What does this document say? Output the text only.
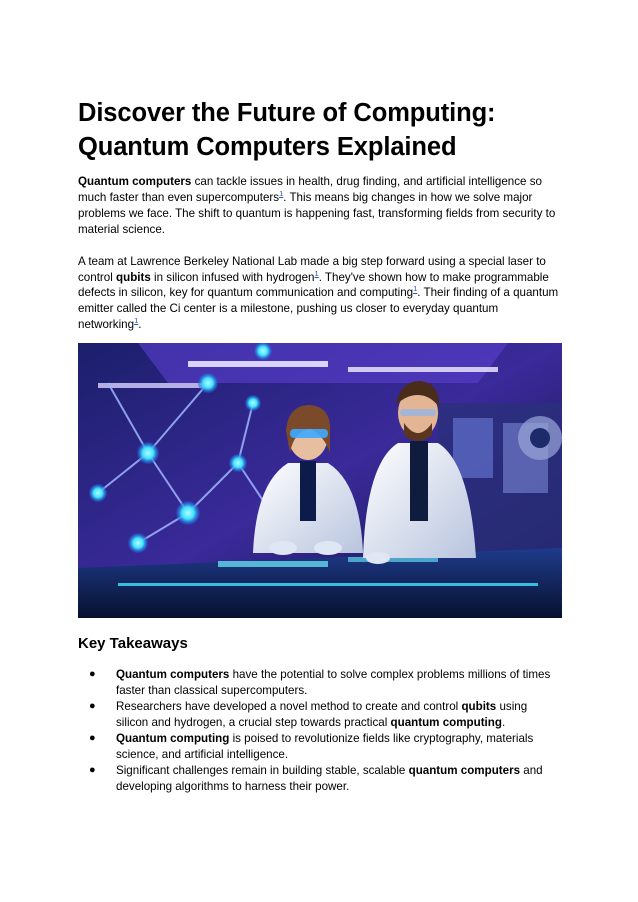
Discover the Future of Computing:
Quantum Computers Explained

Quantum computers can tackle issues in health, drug finding, and artificial intelligence so much faster than even supercomputers$^1$. This means big changes in how we solve major problems we face. The shift to quantum is happening fast, transforming fields from security to material science.

A team at Lawrence Berkeley National Lab made a big step forward using a special laser to control qubits in silicon infused with hydrogen$^1$. They've shown how to make programmable defects in silicon, key for quantum communication and computing$^1$. Their finding of a quantum emitter called the Ci center is a milestone, pushing us closer to everyday quantum networking$^1$.

Key Takeaways
● Quantum computers have the potential to solve complex problems millions of times faster than classical supercomputers.
● Researchers have developed a novel method to create and control qubits using silicon and hydrogen, a crucial step towards practical quantum computing.
● Quantum computing is poised to revolutionize fields like cryptography, materials science, and artificial intelligence.
● Significant challenges remain in building stable, scalable quantum computers and developing algorithms to harness their power.
